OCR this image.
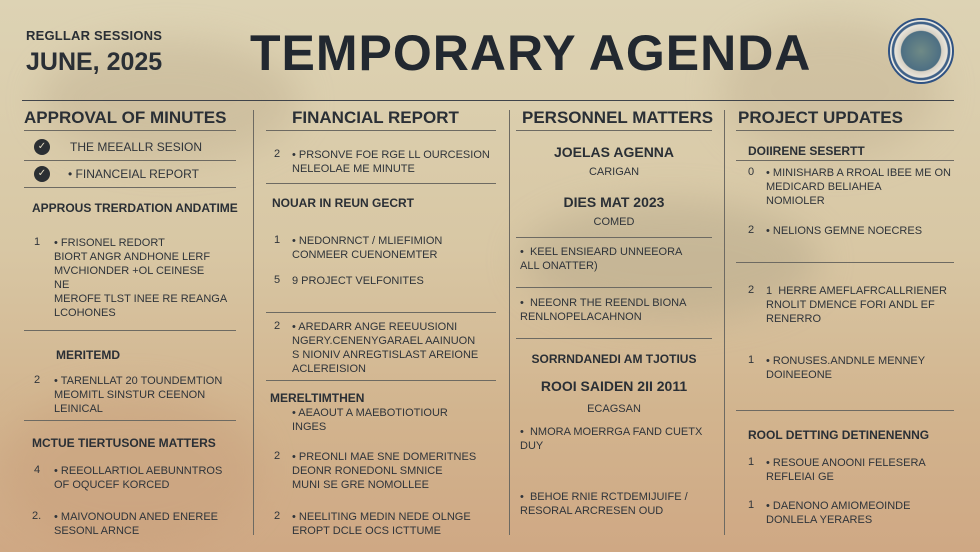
REGLLAR SESSIONS
JUNE, 2025 TEMPORARY AGENDA
APPROVAL OF MINUTES
✓	THE MEEALLR SESION
✓	• FINANCEIAL REPORT
APPROUS TRERDATION ANDATIME
1 • FRISONEL REDORT
BIORT ANGR ANDHONE LERF
MVCHIONDER +OL CEINESE
NE
MEROFE TLST INEE RE REANGA
LCOHONES
MERITEMD
2 • TARENLLAT 20 TOUNDEMTION
MEOMITL SINSTUR CEENON
LEINICAL
MCTUE TIERTUSONE MATTERS
4 • REEOLLARTIOL AEBUNNTROS
OF OQUCEF KORCED
2. • MAIVONOUDN ANED ENEREE
SESONL ARNCE
FINANCIAL REPORT
2 • PRSONVE FOE RGE LL OURCESION
NELEOLAE ME MINUTE
NOUAR IN REUN GECRT
1 • NEDONRNCT / MLIEFIMION
CONMEER CUENONEMTER
5 9 PROJECT VELFONITES
2 • AREDARR ANGE REEUUSIONI
NGERY.CENENYGARAEL AAINUON
S NIONIV ANREGTISLAST AREIONE
ACLEREISION
MERELTIMTHEN
• AEAOUT A MAEBOTIOTIOUR
INGES
2 • PREONLI MAE SNE DOMERITNES
DEONR RONEDONL SMNICE
MUNI SE GRE NOMOLLEE
2 • NEELITING MEDIN NEDE OLNGE
EROPT DCLE OCS ICTTUME
PERSONNEL MATTERS
JOELAS AGENNA
CARIGAN
DIES MAT 2023
COMED
•  KEEL ENSIEARD UNNEEORA
ALL ONATTER)
•  NEEONR THE REENDL BIONA
RENLNOPELACAHNON
SORRNDANEDI AM TJOTIUS
ROOI SAIDEN 2II 2011
ECAGSAN
•  NMORA MOERRGA FAND CUETX
DUY
•  BEHOE RNIE RCTDEMIJUIFE /
RESORAL ARCRESEN OUD
PROJECT UPDATES
DOIIRENE SESERTT
0 • MINISHARB A RROAL IBEE ME ON
MEDICARD BELIAHEA
NOMIOLER
2 • NELIONS GEMNE NOECRES
2 1  HERRE AMEFLAFRCALLRIENER
RNOLIT DMENCE FORI ANDL EF
RENERRO
1 • RONUSES.ANDNLE MENNEY
DOINEEONE
ROOL DETTING DETINENENNG
1 • RESOUE ANOONI FELESERA
REFLEIAI GE
1 • DAENONO AMIOMEOINDE
DONLELA YERARES
